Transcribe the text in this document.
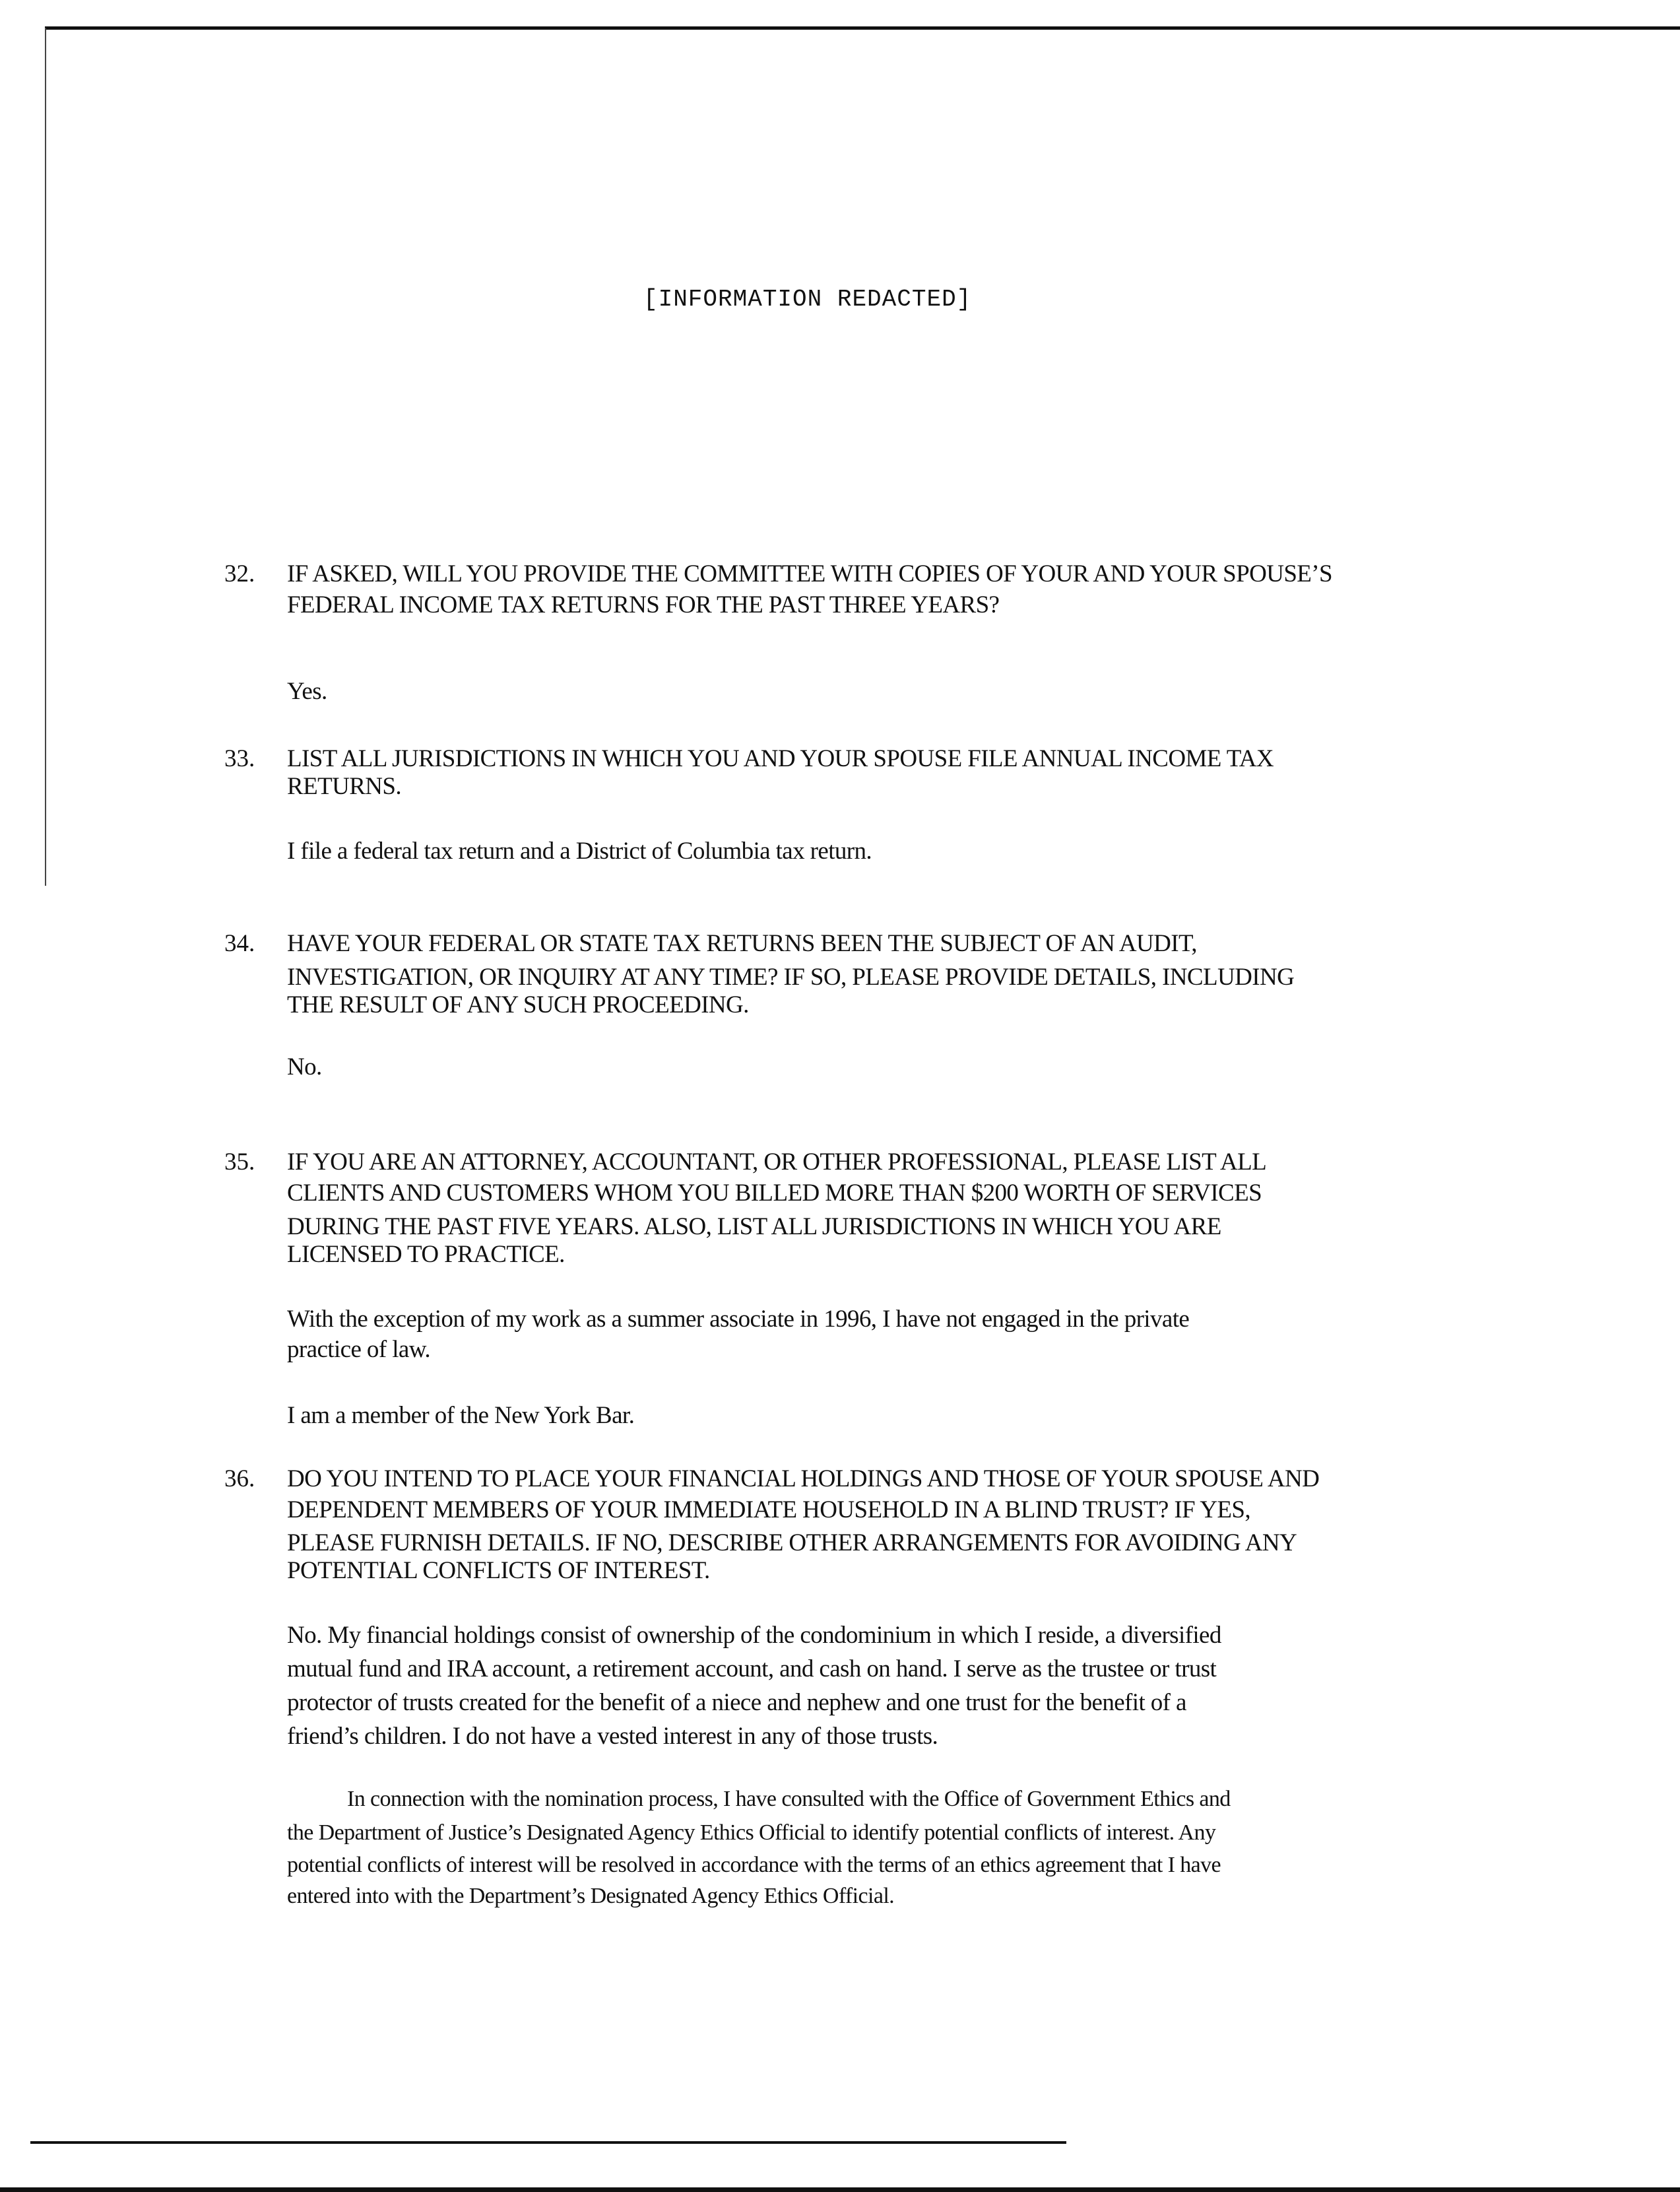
[INFORMATION REDACTED]
32. IF ASKED, WILL YOU PROVIDE THE COMMITTEE WITH COPIES OF YOUR AND YOUR SPOUSE’S
FEDERAL INCOME TAX RETURNS FOR THE PAST THREE YEARS?
Yes.
33. LIST ALL JURISDICTIONS IN WHICH YOU AND YOUR SPOUSE FILE ANNUAL INCOME TAX
RETURNS.
I file a federal tax return and a District of Columbia tax return.
34. HAVE YOUR FEDERAL OR STATE TAX RETURNS BEEN THE SUBJECT OF AN AUDIT,
INVESTIGATION, OR INQUIRY AT ANY TIME? IF SO, PLEASE PROVIDE DETAILS, INCLUDING
THE RESULT OF ANY SUCH PROCEEDING.
No.
35. IF YOU ARE AN ATTORNEY, ACCOUNTANT, OR OTHER PROFESSIONAL, PLEASE LIST ALL
CLIENTS AND CUSTOMERS WHOM YOU BILLED MORE THAN $200 WORTH OF SERVICES
DURING THE PAST FIVE YEARS. ALSO, LIST ALL JURISDICTIONS IN WHICH YOU ARE
LICENSED TO PRACTICE.
With the exception of my work as a summer associate in 1996, I have not engaged in the private
practice of law.
I am a member of the New York Bar.
36. DO YOU INTEND TO PLACE YOUR FINANCIAL HOLDINGS AND THOSE OF YOUR SPOUSE AND
DEPENDENT MEMBERS OF YOUR IMMEDIATE HOUSEHOLD IN A BLIND TRUST? IF YES,
PLEASE FURNISH DETAILS. IF NO, DESCRIBE OTHER ARRANGEMENTS FOR AVOIDING ANY
POTENTIAL CONFLICTS OF INTEREST.
No. My financial holdings consist of ownership of the condominium in which I reside, a diversified
mutual fund and IRA account, a retirement account, and cash on hand. I serve as the trustee or trust
protector of trusts created for the benefit of a niece and nephew and one trust for the benefit of a
friend’s children. I do not have a vested interest in any of those trusts.
In connection with the nomination process, I have consulted with the Office of Government Ethics and
the Department of Justice’s Designated Agency Ethics Official to identify potential conflicts of interest. Any
potential conflicts of interest will be resolved in accordance with the terms of an ethics agreement that I have
entered into with the Department’s Designated Agency Ethics Official.
